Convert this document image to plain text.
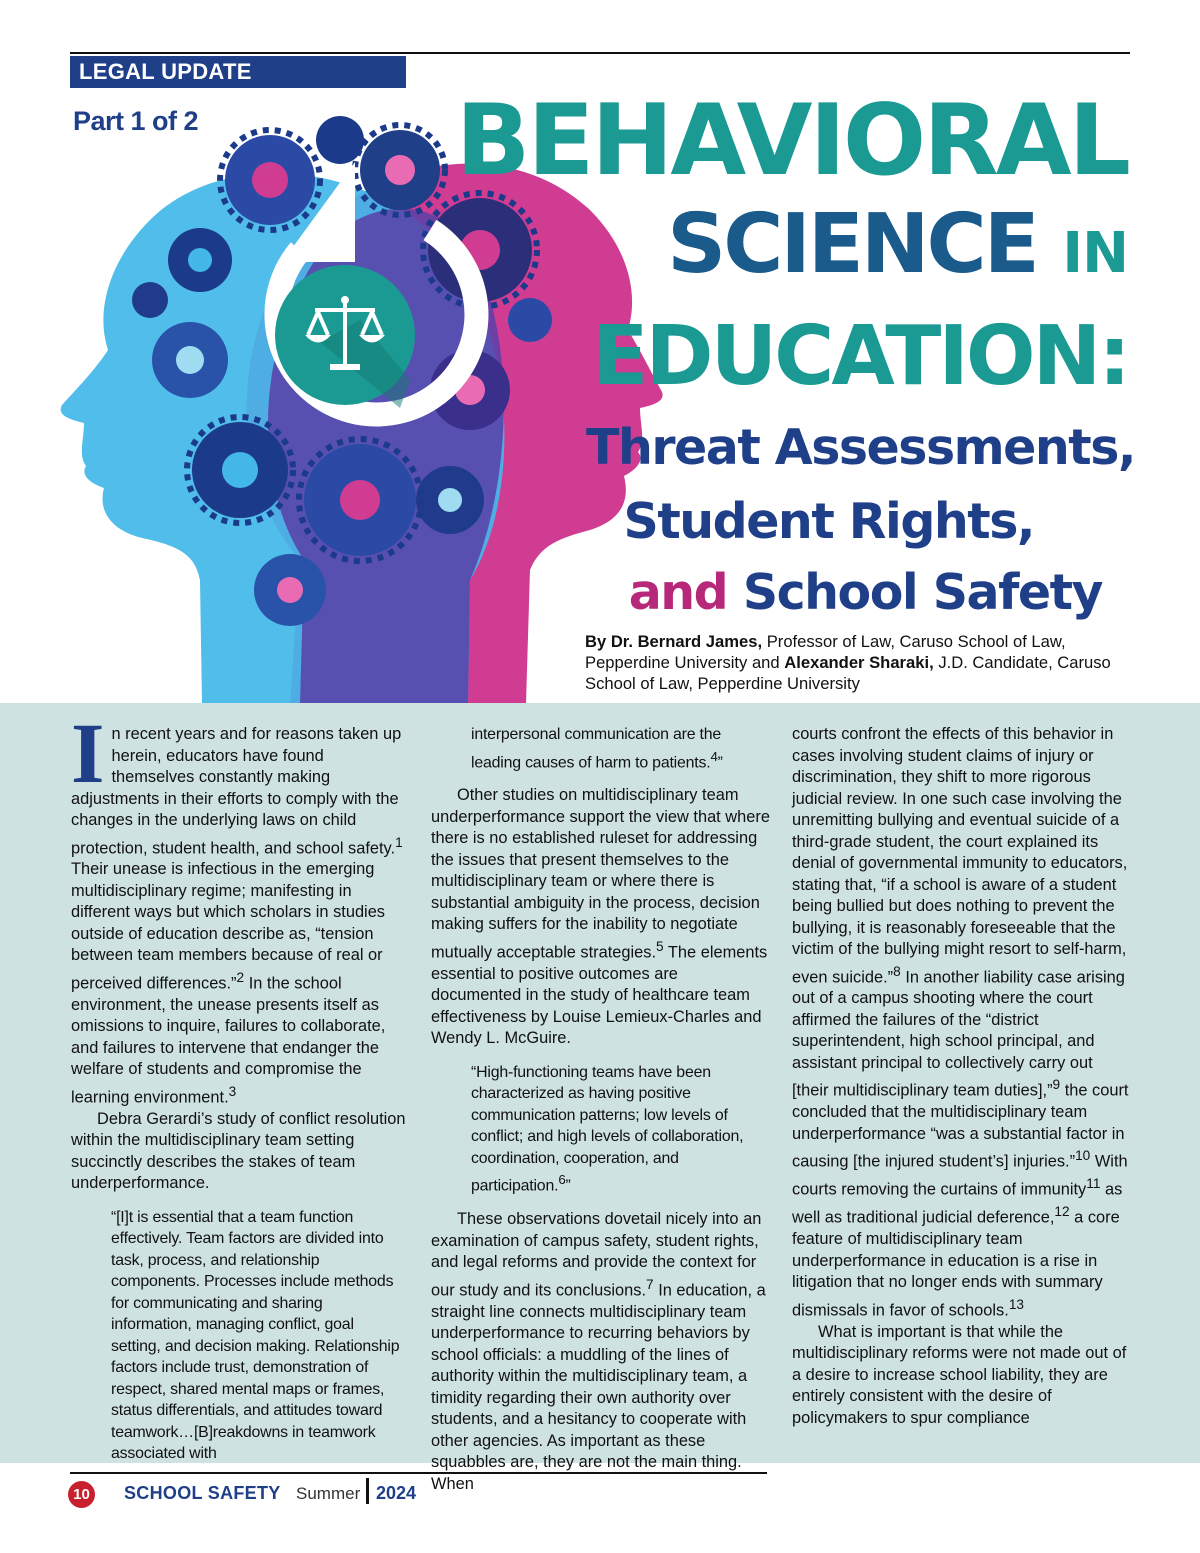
LEGAL UPDATE
Part 1 of 2	BEHAVIORAL
SCIENCE IN
EDUCATION:
Threat Assessments,
Student Rights,
and School Safety
By Dr. Bernard James, Professor of Law, Caruso School of Law, Pepperdine University and Alexander Sharaki, J.D. Candidate, Caruso School of Law, Pepperdine University

In recent years and for reasons taken up herein, educators have found themselves constantly making adjustments in their efforts to comply with the changes in the underlying laws on child protection, student health, and school safety.$^1$ Their unease is infectious in the emerging multidisciplinary regime; manifesting in different ways but which scholars in studies outside of education describe as, “tension between team members because of real or perceived differences.”$^2$ In the school environment, the unease presents itself as omissions to inquire, failures to collaborate, and failures to intervene that endanger the welfare of students and compromise the learning environment.$^3$

Debra Gerardi’s study of conflict resolution within the multidisciplinary team setting succinctly describes the stakes of team underperformance.

“[I]t is essential that a team function effectively. Team factors are divided into task, process, and relationship components. Processes include methods for communicating and sharing information, managing conflict, goal setting, and decision making. Relationship factors include trust, demonstration of respect, shared mental maps or frames, status differentials, and attitudes toward teamwork…[B]reakdowns in teamwork associated with

interpersonal communication are the leading causes of harm to patients.$^4$”

Other studies on multidisciplinary team underperformance support the view that where there is no established ruleset for addressing the issues that present themselves to the multidisciplinary team or where there is substantial ambiguity in the process, decision making suffers for the inability to negotiate mutually acceptable strategies.$^5$ The elements essential to positive outcomes are documented in the study of healthcare team effectiveness by Louise Lemieux-Charles and Wendy L. McGuire.

“High-functioning teams have been characterized as having positive communication patterns; low levels of conflict; and high levels of collaboration, coordination, cooperation, and participation.$^6$”

These observations dovetail nicely into an examination of campus safety, student rights, and legal reforms and provide the context for our study and its conclusions.$^7$ In education, a straight line connects multidisciplinary team underperformance to recurring behaviors by school officials: a muddling of the lines of authority within the multidisciplinary team, a timidity regarding their own authority over students, and a hesitancy to cooperate with other agencies. As important as these squabbles are, they are not the main thing. When

courts confront the effects of this behavior in cases involving student claims of injury or discrimination, they shift to more rigorous judicial review. In one such case involving the unremitting bullying and eventual suicide of a third-grade student, the court explained its denial of governmental immunity to educators, stating that, “if a school is aware of a student being bullied but does nothing to prevent the bullying, it is reasonably foreseeable that the victim of the bullying might resort to self-harm, even suicide.”$^8$ In another liability case arising out of a campus shooting where the court affirmed the failures of the “district superintendent, high school principal, and assistant principal to collectively carry out [their multidisciplinary team duties],”$^9$ the court concluded that the multidisciplinary team underperformance “was a substantial factor in causing [the injured student’s] injuries.”$^{10}$ With courts removing the curtains of immunity$^{11}$ as well as traditional judicial deference,$^{12}$ a core feature of multidisciplinary team underperformance in education is a rise in litigation that no longer ends with summary dismissals in favor of schools.$^{13}$

What is important is that while the multidisciplinary reforms were not made out of a desire to increase school liability, they are entirely consistent with the desire of policymakers to spur compliance

10 SCHOOL SAFETY Summer 2024
